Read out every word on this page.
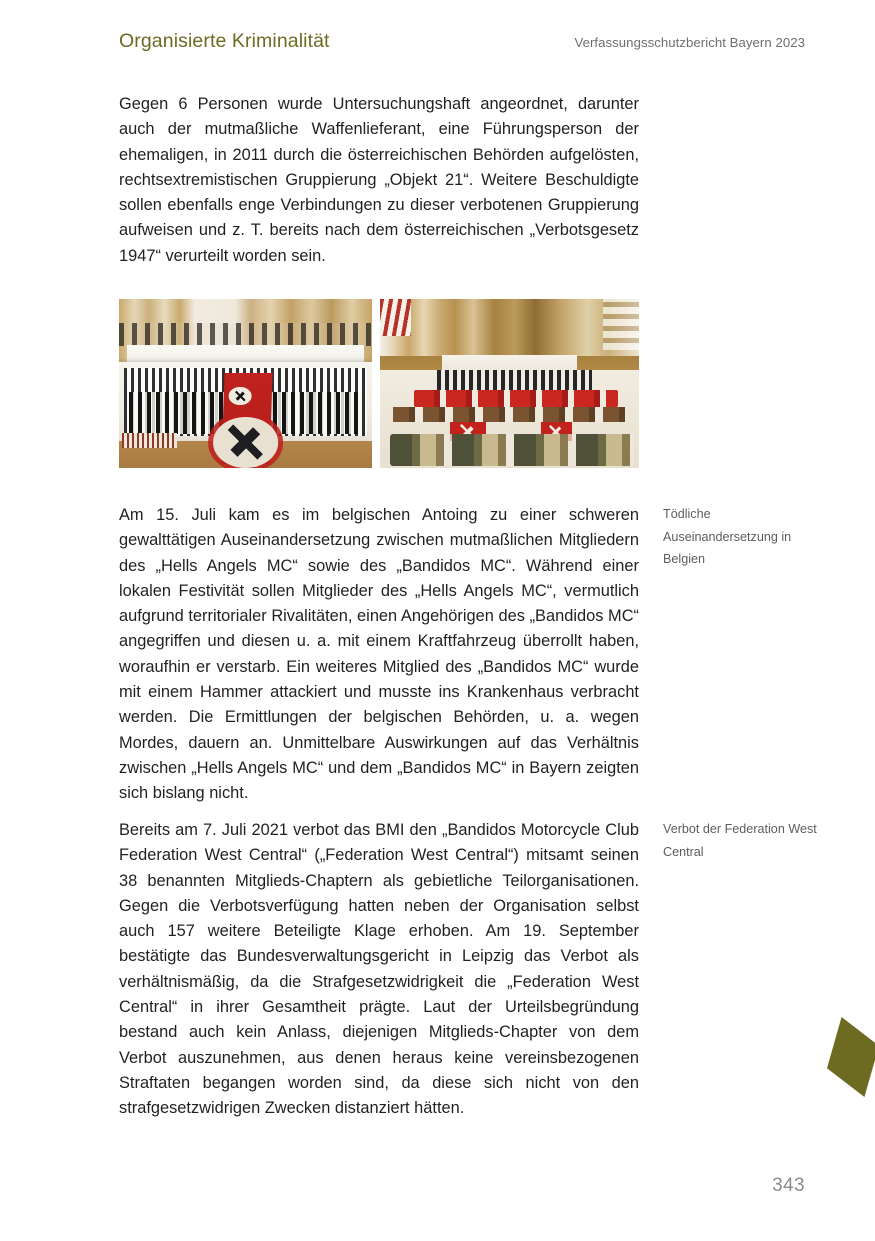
Organisierte Kriminalität	Verfassungsschutzbericht Bayern 2023

Gegen 6 Personen wurde Untersuchungshaft angeordnet, darunter auch der mutmaßliche Waffenlieferant, eine Führungsperson der ehemaligen, in 2011 durch die österreichischen Behörden aufgelösten, rechtsextremistischen Gruppierung „Objekt 21“. Weitere Beschuldigte sollen ebenfalls enge Verbindungen zu dieser verbotenen Gruppierung aufweisen und z. T. bereits nach dem österreichischen „Verbotsgesetz 1947“ verurteilt worden sein.

Am 15. Juli kam es im belgischen Antoing zu einer schweren gewalttätigen Auseinandersetzung zwischen mutmaßlichen Mitgliedern des „Hells Angels MC“ sowie des „Bandidos MC“. Während einer lokalen Festivität sollen Mitglieder des „Hells Angels MC“, vermutlich aufgrund territorialer Rivalitäten, einen Angehörigen des „Bandidos MC“ angegriffen und diesen u. a. mit einem Kraftfahrzeug überrollt haben, woraufhin er verstarb. Ein weiteres Mitglied des „Bandidos MC“ wurde mit einem Hammer attackiert und musste ins Krankenhaus verbracht werden. Die Ermittlungen der belgischen Behörden, u. a. wegen Mordes, dauern an. Unmittelbare Auswirkungen auf das Verhältnis zwischen „Hells Angels MC“ und dem „Bandidos MC“ in Bayern zeigten sich bislang nicht.

Bereits am 7. Juli 2021 verbot das BMI den „Bandidos Motorcycle Club Federation West Central“ („Federation West Central“) mitsamt seinen 38 benannten Mitglieds-Chaptern als gebietliche Teilorganisationen. Gegen die Verbotsverfügung hatten neben der Organisation selbst auch 157 weitere Beteiligte Klage erhoben. Am 19. September bestätigte das Bundesverwaltungsgericht in Leipzig das Verbot als verhältnismäßig, da die Strafgesetzwidrigkeit die „Federation West Central“ in ihrer Gesamtheit prägte. Laut der Urteilsbegründung bestand auch kein Anlass, diejenigen Mitglieds-Chapter von dem Verbot auszunehmen, aus denen heraus keine vereinsbezogenen Straftaten begangen worden sind, da diese sich nicht von den strafgesetzwidrigen Zwecken distanziert hätten.

Tödliche Auseinandersetzung in Belgien
Verbot der Federation West Central
343
